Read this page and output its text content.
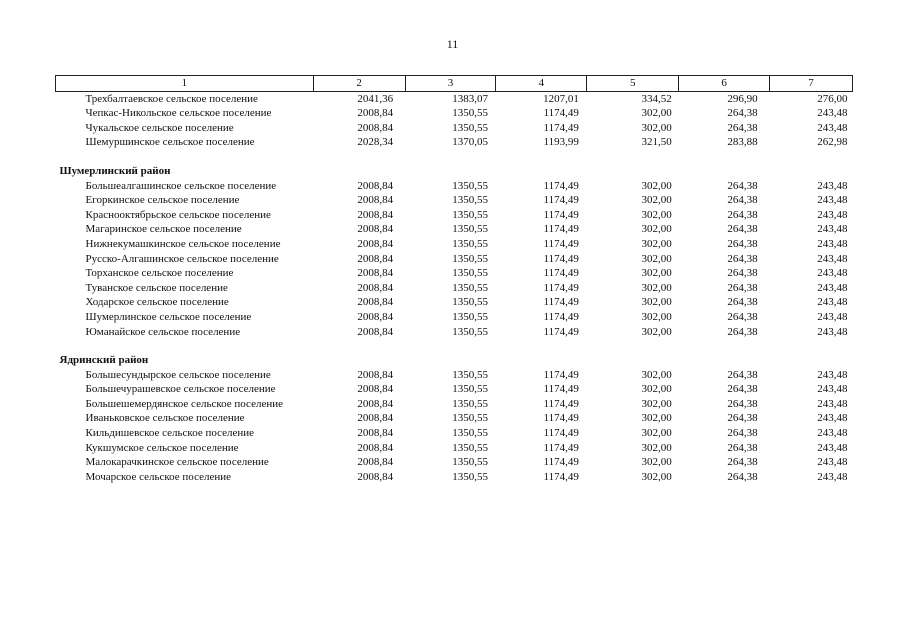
11
1	2	3	4	5	6	7
Трехбалтаевское сельское поселение	2041,36	1383,07	1207,01	334,52	296,90	276,00
Чепкас-Никольское сельское поселение	2008,84	1350,55	1174,49	302,00	264,38	243,48
Чукальское сельское поселение	2008,84	1350,55	1174,49	302,00	264,38	243,48
Шемуршинское сельское поселение	2028,34	1370,05	1193,99	321,50	283,88	262,98
Шумерлинский район						
Большеалгашинское сельское поселение	2008,84	1350,55	1174,49	302,00	264,38	243,48
Егоркинское сельское поселение	2008,84	1350,55	1174,49	302,00	264,38	243,48
Краснооктябрьское сельское поселение	2008,84	1350,55	1174,49	302,00	264,38	243,48
Магаринское сельское поселение	2008,84	1350,55	1174,49	302,00	264,38	243,48
Нижнекумашкинское сельское поселение	2008,84	1350,55	1174,49	302,00	264,38	243,48
Русско-Алгашинское сельское поселение	2008,84	1350,55	1174,49	302,00	264,38	243,48
Торханское сельское поселение	2008,84	1350,55	1174,49	302,00	264,38	243,48
Туванское сельское поселение	2008,84	1350,55	1174,49	302,00	264,38	243,48
Ходарское сельское поселение	2008,84	1350,55	1174,49	302,00	264,38	243,48
Шумерлинское сельское поселение	2008,84	1350,55	1174,49	302,00	264,38	243,48
Юманайское сельское поселение	2008,84	1350,55	1174,49	302,00	264,38	243,48
Ядринский район						
Большесундырское сельское поселение	2008,84	1350,55	1174,49	302,00	264,38	243,48
Большечурашевское сельское поселение	2008,84	1350,55	1174,49	302,00	264,38	243,48
Большешемердянское сельское поселение	2008,84	1350,55	1174,49	302,00	264,38	243,48
Иваньковское сельское поселение	2008,84	1350,55	1174,49	302,00	264,38	243,48
Кильдишевское сельское поселение	2008,84	1350,55	1174,49	302,00	264,38	243,48
Кукшумское сельское поселение	2008,84	1350,55	1174,49	302,00	264,38	243,48
Малокарачкинское сельское поселение	2008,84	1350,55	1174,49	302,00	264,38	243,48
Мочарское сельское поселение	2008,84	1350,55	1174,49	302,00	264,38	243,48
